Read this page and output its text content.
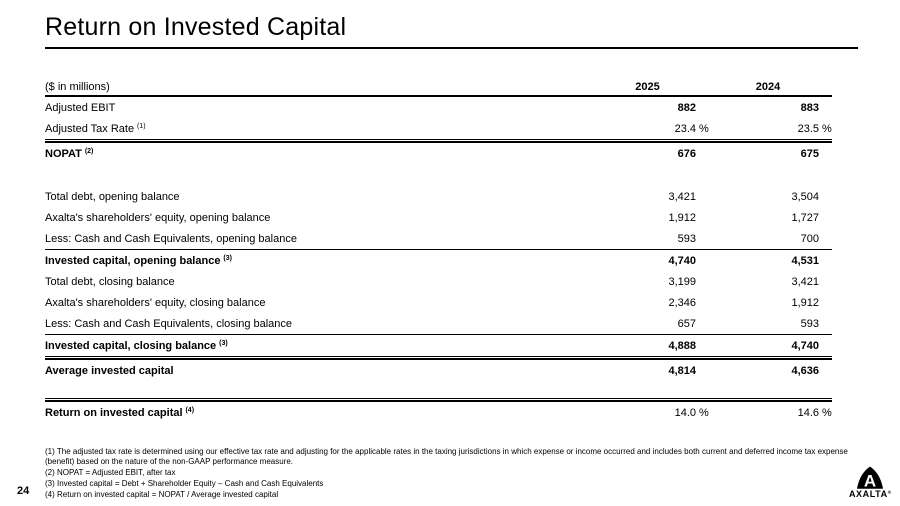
Return on Invested Capital
($ in millions)	2025	2024
Adjusted EBIT	882	883
Adjusted Tax Rate $^{(1)}$	23.4 %	23.5 %
NOPAT $^{(2)}$	676	675
Total debt, opening balance	3,421	3,504
Axalta's shareholders' equity, opening balance	1,912	1,727
Less: Cash and Cash Equivalents, opening balance	593	700
Invested capital, opening balance $^{(3)}$	4,740	4,531
Total debt, closing balance	3,199	3,421
Axalta's shareholders' equity, closing balance	2,346	1,912
Less: Cash and Cash Equivalents, closing balance	657	593
Invested capital, closing balance $^{(3)}$	4,888	4,740
Average invested capital	4,814	4,636
Return on invested capital $^{(4)}$	14.0 %	14.6 %
(1) The adjusted tax rate is determined using our effective tax rate and adjusting for the applicable rates in the taxing jurisdictions in which expense or income occurred and includes both current and deferred income tax expense (benefit) based on the nature of the non-GAAP performance measure.
(2) NOPAT = Adjusted EBIT, after tax
(3) Invested capital = Debt + Shareholder Equity – Cash and Cash Equivalents
(4) Return on invested capital = NOPAT / Average invested capital
24
A
AXALTA®
